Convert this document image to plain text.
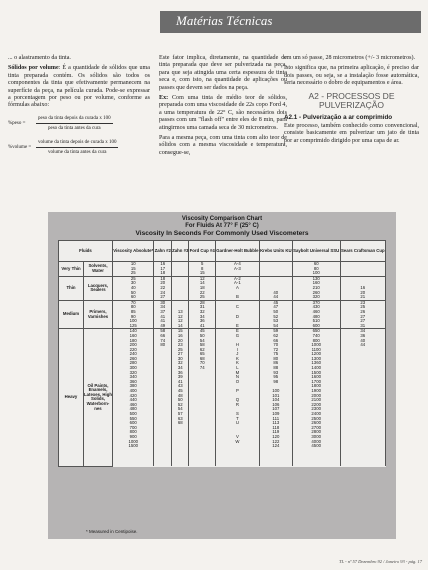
Matérias Técnicas

... o alastramento da tinta.

Sólidos por volume: É a quantidade de sólidos que uma tinta preparada contém. Os sólidos são todos os componentes da tinta que efetivamente permanecem na superfície da peça, na película curada. Pode-se expressar a porcentagem por peso ou por volume, conforme as fórmulas abaixo:

%peso =	$\frac{\text{peso da tinta depois da curada x 100}}{\text{peso da tinta antes da cura}}$
%volume = $\frac{\text{volume da tinta depois de curada x 100}}{\text{volume da tinta antes da cura}}$

Este fator implica, diretamente, na quantidade de tinta preparada que deve ser pulverizada na peça, para que seja atingida uma certa espessura de tinta seca e, com isto, na quantidade de aplicações ou passes que devem ser dados na peça.

Ex: Com uma tinta de médio teor de sólidos, preparada com uma viscosidade de 22s copo Ford 4, a uma temperatura de 22° C, são necessários dois passes com um "flash off" entre eles de 8 min, para atingirmos uma camada seca de 30 micrometros.

Para a mesma peça, com uma tinta com alto teor de sólidos com a mesma viscosidade e temperatura, consegue-se,

em um só passe, 28 micrometros (+/- 3 micrometros).

Isto significa que, na primeira aplicação, é preciso dar dois passes, ou seja, se a instalação fosse automática, seria necessário o dobro de equipamentos e área.

A2 - PROCESSOS DE PULVERIZAÇÃO
A2.1 - Pulverização a ar comprimido

Este processo, também conhecido como convencional, consiste basicamente em pulverizar um jato de tinta por ar comprimido dirigido por uma capa de ar.

Viscosity Comparison Chart
For Fluids At 77° F (25° C)
Viscosity In Seconds For Commonly Used Viscometers
Fluids		Viscosity Absolute*	Zahn #2	Zahn #3	Ford Cup #4	Gardner-Holt Bubble	Krebs Units KU	Saybolt Universal SSU	Sears Craftsman Cup
Very Thin	Solvents, Water	10	16		5	A-4		60	
		15	17		8	A-3		80	
		25	18		15			100	
Thin	Lacquers, Sealers	25	18		12	A-2		130	
		30	20		14	A-1		160	
		40	22		18	A		210	16
		50	24		22		40	260	20
		60	27		25	B	44	320	21
Medium	Primers, Varnishes	70	30		28		45	370	23
		80	34		31	C	47	430	25
		85	37	13	32		50	460	26
		90	41	12	34	D	52	480	27
		100	41	12	36		53	510	27
		125	49	14	41	E	54	600	31
Heavy	Oil Paints, Enamels, Latexes, High Solids, Waterborn-nes	140	58	15	45	E	59	650	34
		160	66	16	50	G	62	740	36
		180	74	20	54		66	800	40
		200	80	23	58	H	70	1000	44
		220		25	62	I	72	1100	
		240		27	65	J	75	1200	
		260		30	68	K	80	1300	
		280		32	70	K	86	1360	
		300		34	74	L	88	1400	
		320		36		M	93	1500	
		340		39		N	95	1600	
		360		41		O	98	1700	
		380		43				1800	
		400		45		P	100	1900	
		420		48			101	2000	
		440		50		Q	104	2100	
		460		52		R	106	2200	
		480		54			107	2300	
		500		57		S	109	2400	
		550		63		T	111	2500	
		600		68		U	113	2600	
		700					118	2700	
		800					119	2800	
		900				V	120	3000	
		1000				W	122	4000	
		1500					124	4500	

* Measured in Centipoise.
TL - nº 57 Dezembro 92 / Janeiro 93 - pág. 17
